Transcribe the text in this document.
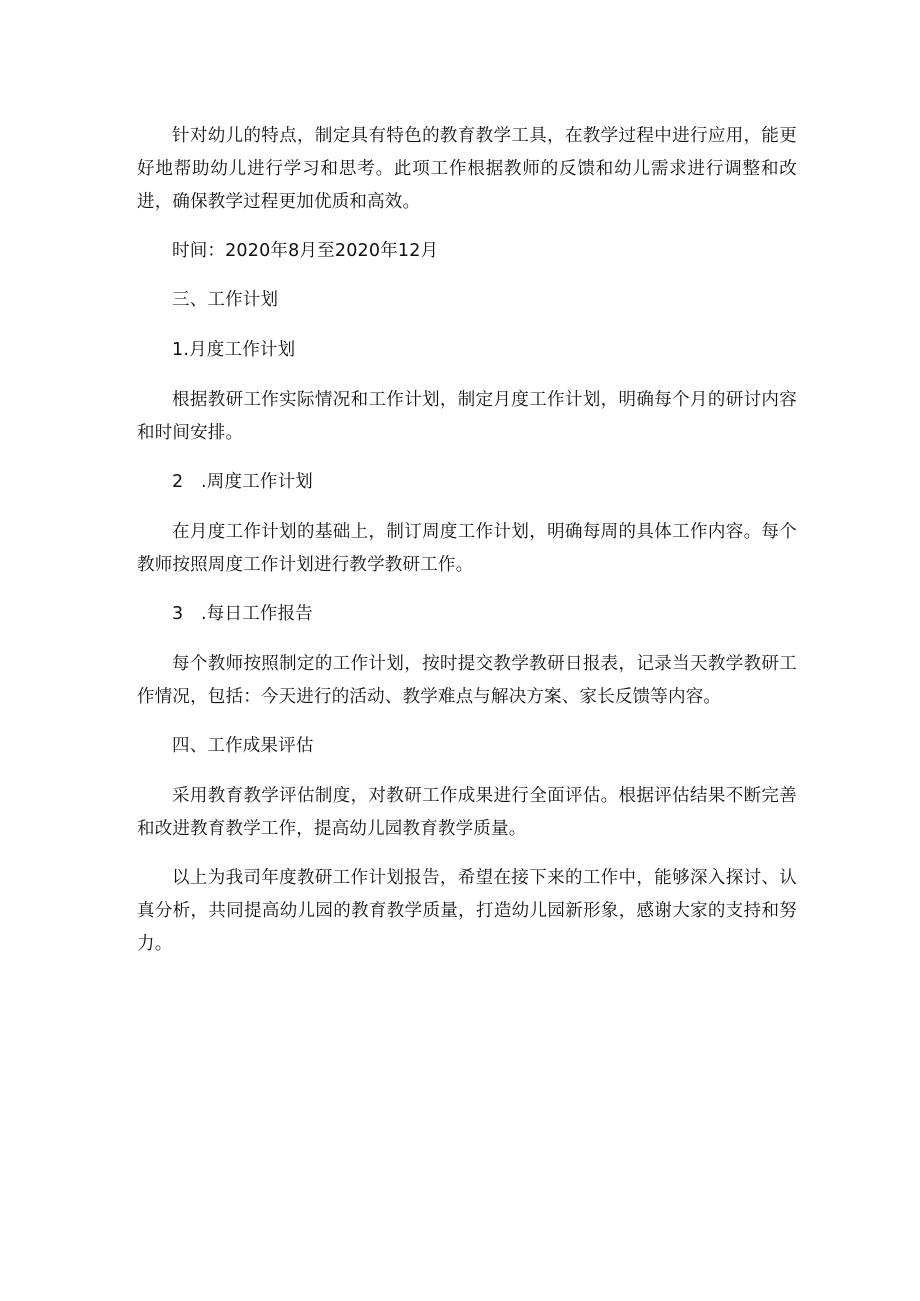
针对幼儿的特点，制定具有特色的教育教学工具，在教学过程中进行应用，能更好地帮助幼儿进行学习和思考。此项工作根据教师的反馈和幼儿需求进行调整和改进，确保教学过程更加优质和高效。

时间：2020年8月至2020年12月

三、工作计划

1.月度工作计划

根据教研工作实际情况和工作计划，制定月度工作计划，明确每个月的研讨内容和时间安排。

2　.周度工作计划

在月度工作计划的基础上，制订周度工作计划，明确每周的具体工作内容。每个教师按照周度工作计划进行教学教研工作。

3　.每日工作报告

每个教师按照制定的工作计划，按时提交教学教研日报表，记录当天教学教研工作情况，包括：今天进行的活动、教学难点与解决方案、家长反馈等内容。

四、工作成果评估

采用教育教学评估制度，对教研工作成果进行全面评估。根据评估结果不断完善和改进教育教学工作，提高幼儿园教育教学质量。

以上为我司年度教研工作计划报告，希望在接下来的工作中，能够深入探讨、认真分析，共同提高幼儿园的教育教学质量，打造幼儿园新形象，感谢大家的支持和努力。
